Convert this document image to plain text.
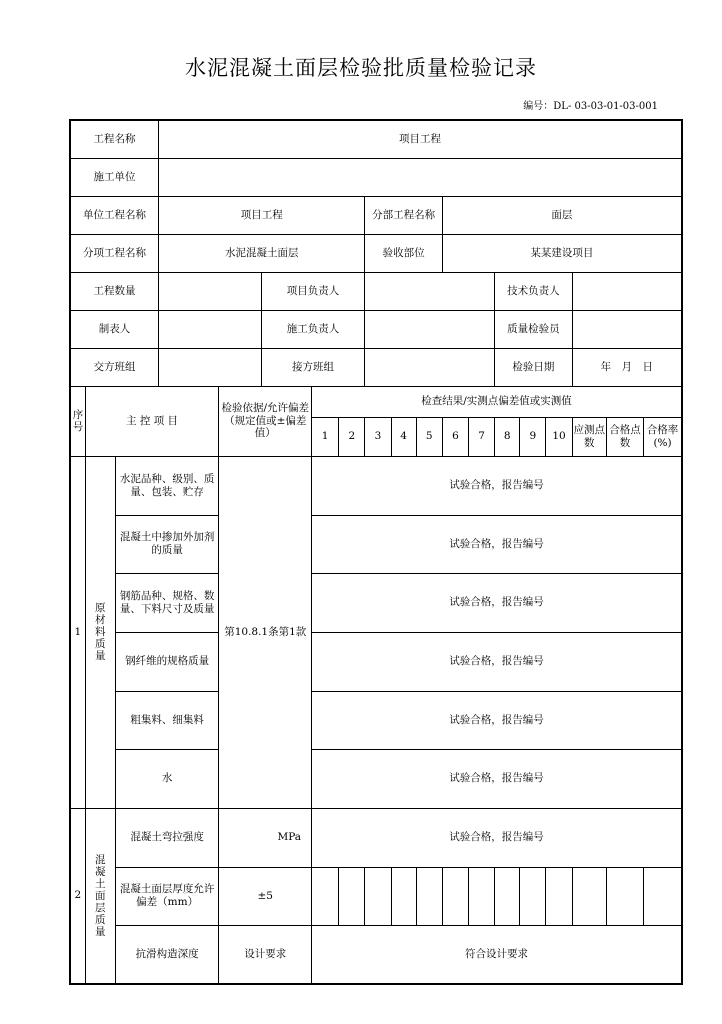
水泥混凝土面层检验批质量检验记录
编号：DL- 03-03-01-03-001
工程名称			项目工程															
施工单位																		
单位工程名称			项目工程					分部工程名称			面层							
分项工程名称			水泥混凝土面层					验收部位			某某建设项目							
工程数量					项目负责人								技术负责人					
制表人					施工负责人								质量检验员					
交方班组					接方班组								检验日期			年　月　日		

序号	主 控 项 目			检验依据/允许偏差（规定值或±偏差值）		检查结果/实测点偏差值或实测值												
						1	2	3	4	5	6	7	8	9	10	应测点数	合格点数	合格率(%)
1	原材料质量	水泥品种、级别、质量、包装、贮存		第10.8.1条第1款		试验合格，报告编号												
		混凝土中掺加外加剂的质量				试验合格，报告编号												
		钢筋品种、规格、数量、下料尺寸及质量				试验合格，报告编号												
		钢纤维的规格质量				试验合格，报告编号												
		粗集料、细集料				试验合格，报告编号												
		水				试验合格，报告编号												
2	混凝土面层质量	混凝土弯拉强度		MPa		试验合格，报告编号												
		混凝土面层厚度允许偏差（mm）		±5														
		抗滑构造深度		设计要求		符合设计要求												
